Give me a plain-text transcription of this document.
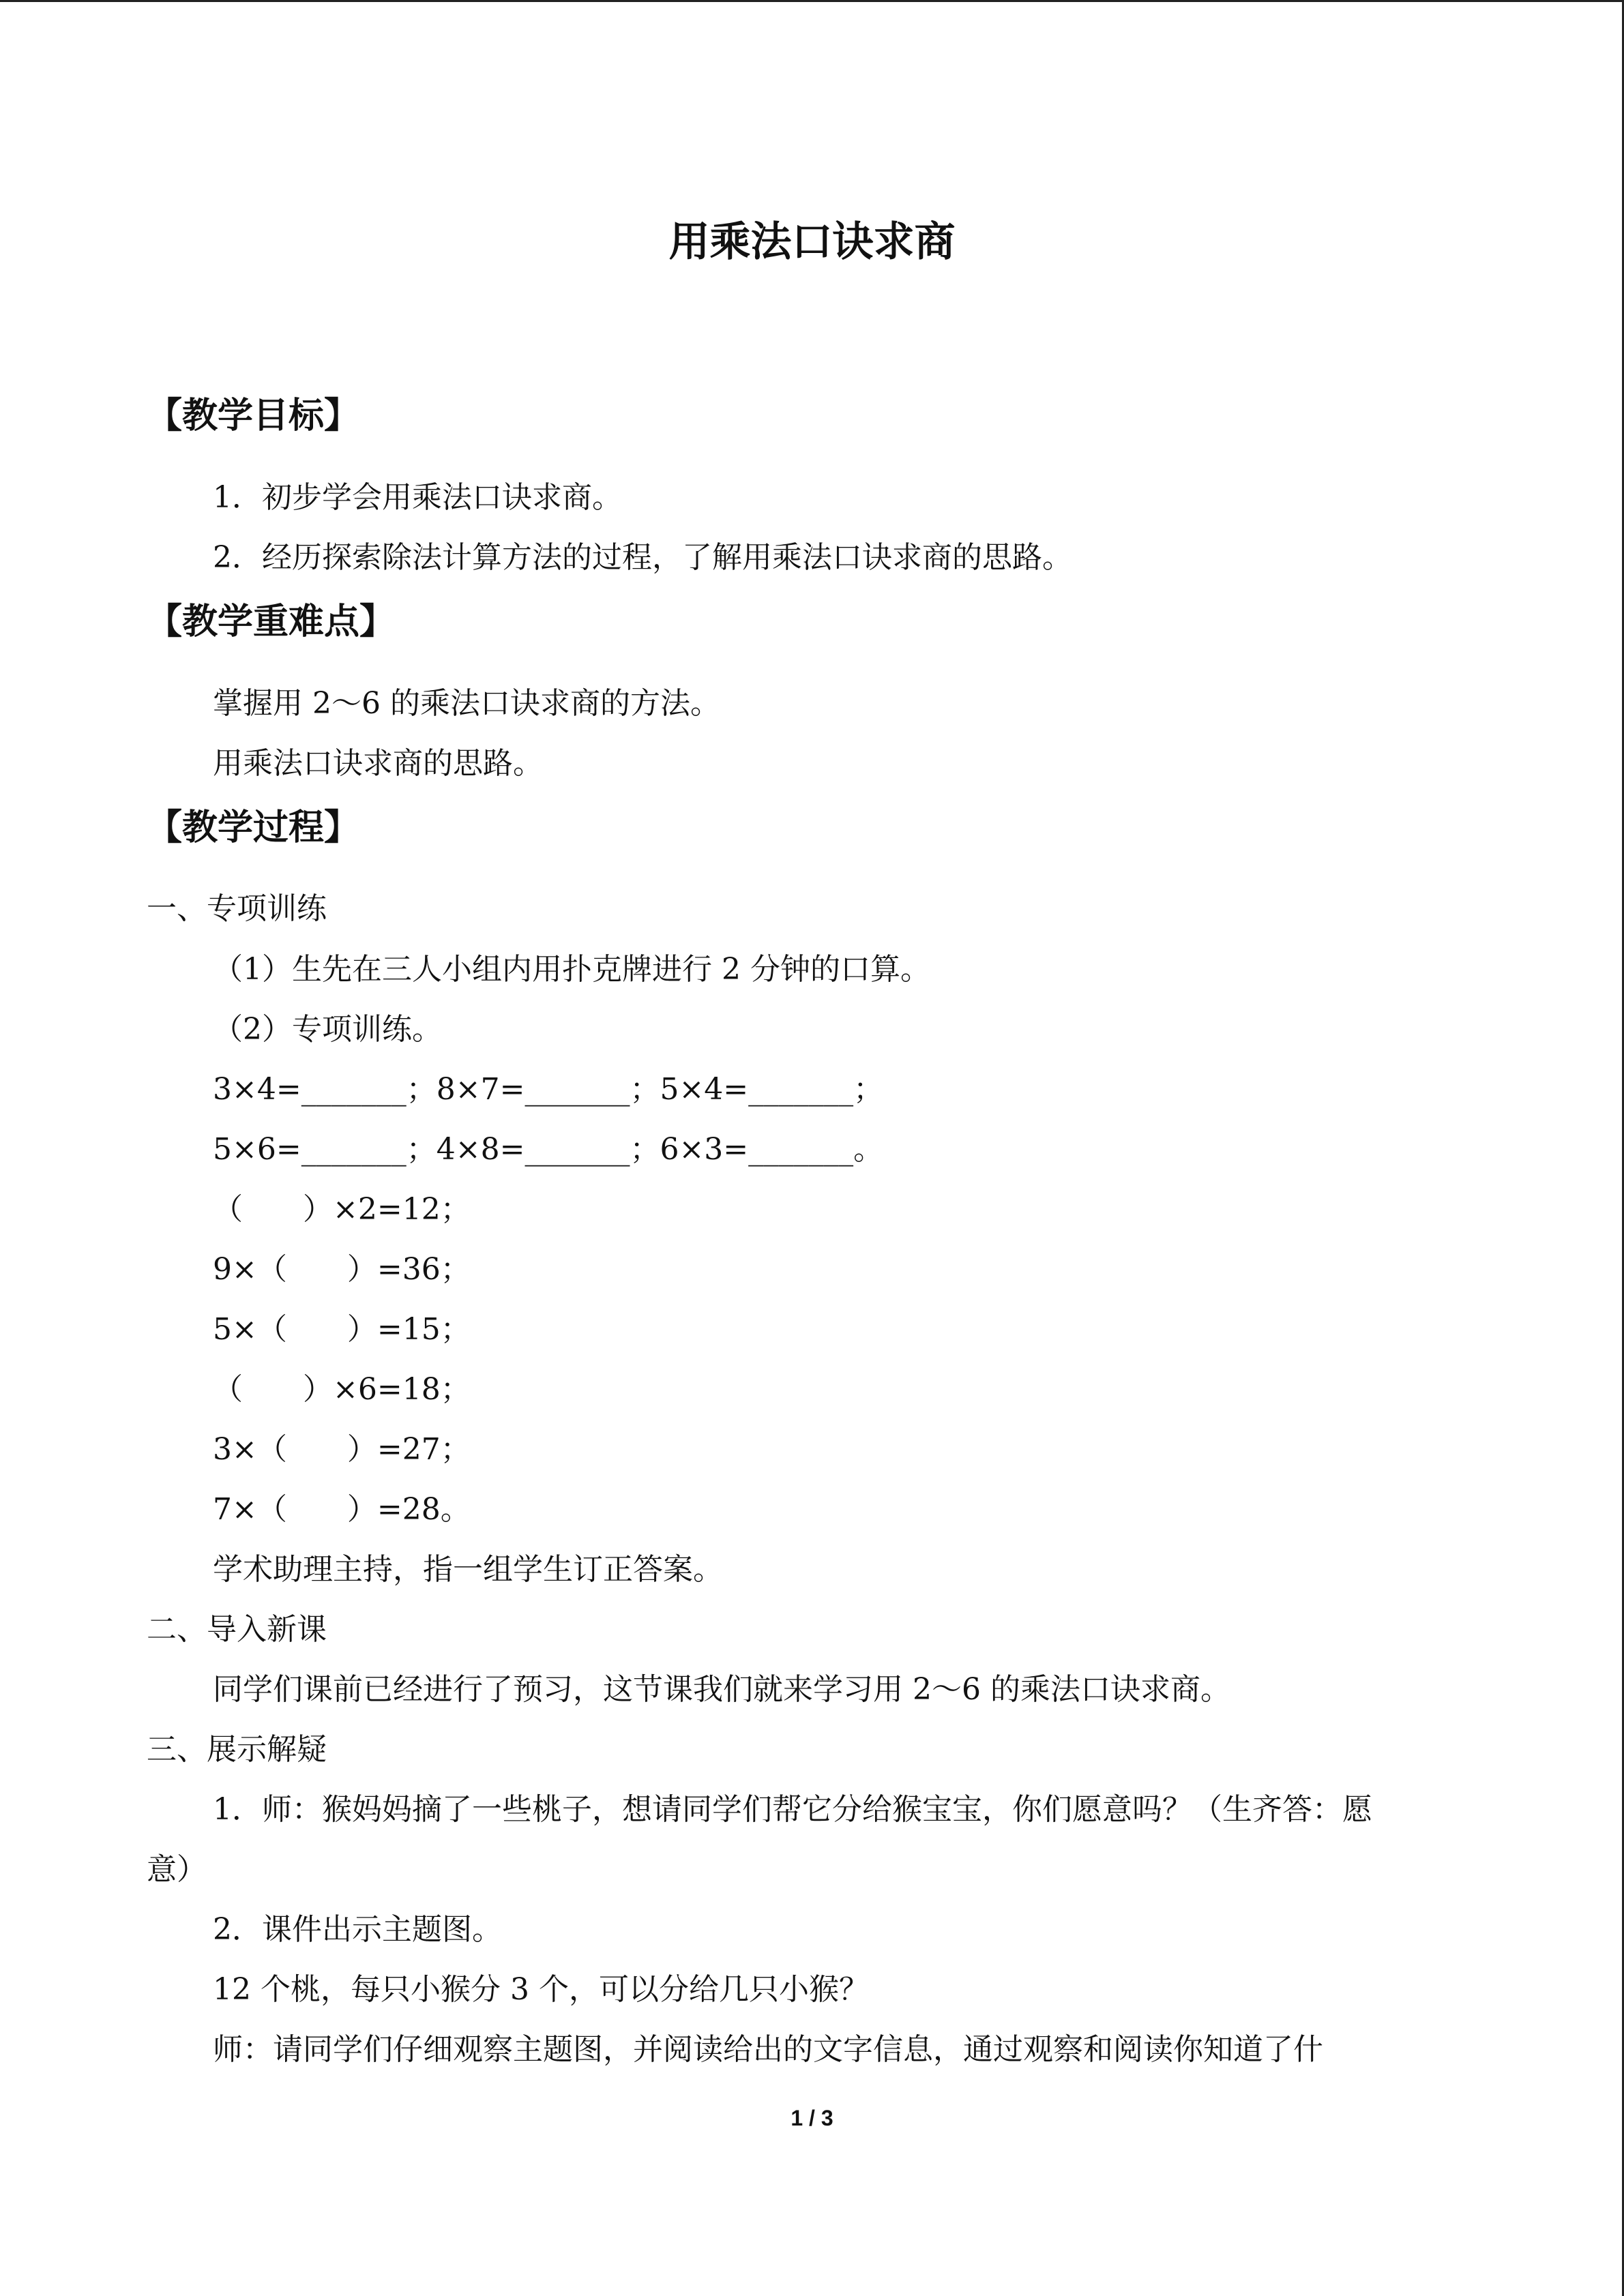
用乘法口诀求商
【教学目标】
1．初步学会用乘法口诀求商。
2．经历探索除法计算方法的过程，了解用乘法口诀求商的思路。
【教学重难点】
掌握用 2～6 的乘法口诀求商的方法。
用乘法口诀求商的思路。
【教学过程】
一、专项训练
（1）生先在三人小组内用扑克牌进行 2 分钟的口算。
（2）专项训练。
3×4=_______；8×7=_______；5×4=_______；
5×6=_______；4×8=_______；6×3=_______。
（　　）×2=12；
9×（　　）=36；
5×（　　）=15；
（　　）×6=18；
3×（　　）=27；
7×（　　）=28。
学术助理主持，指一组学生订正答案。
二、导入新课
同学们课前已经进行了预习，这节课我们就来学习用 2～6 的乘法口诀求商。
三、展示解疑
1．师：猴妈妈摘了一些桃子，想请同学们帮它分给猴宝宝，你们愿意吗？（生齐答：愿
意）
2．课件出示主题图。
12 个桃，每只小猴分 3 个，可以分给几只小猴？
师：请同学们仔细观察主题图，并阅读给出的文字信息，通过观察和阅读你知道了什
1 / 3
